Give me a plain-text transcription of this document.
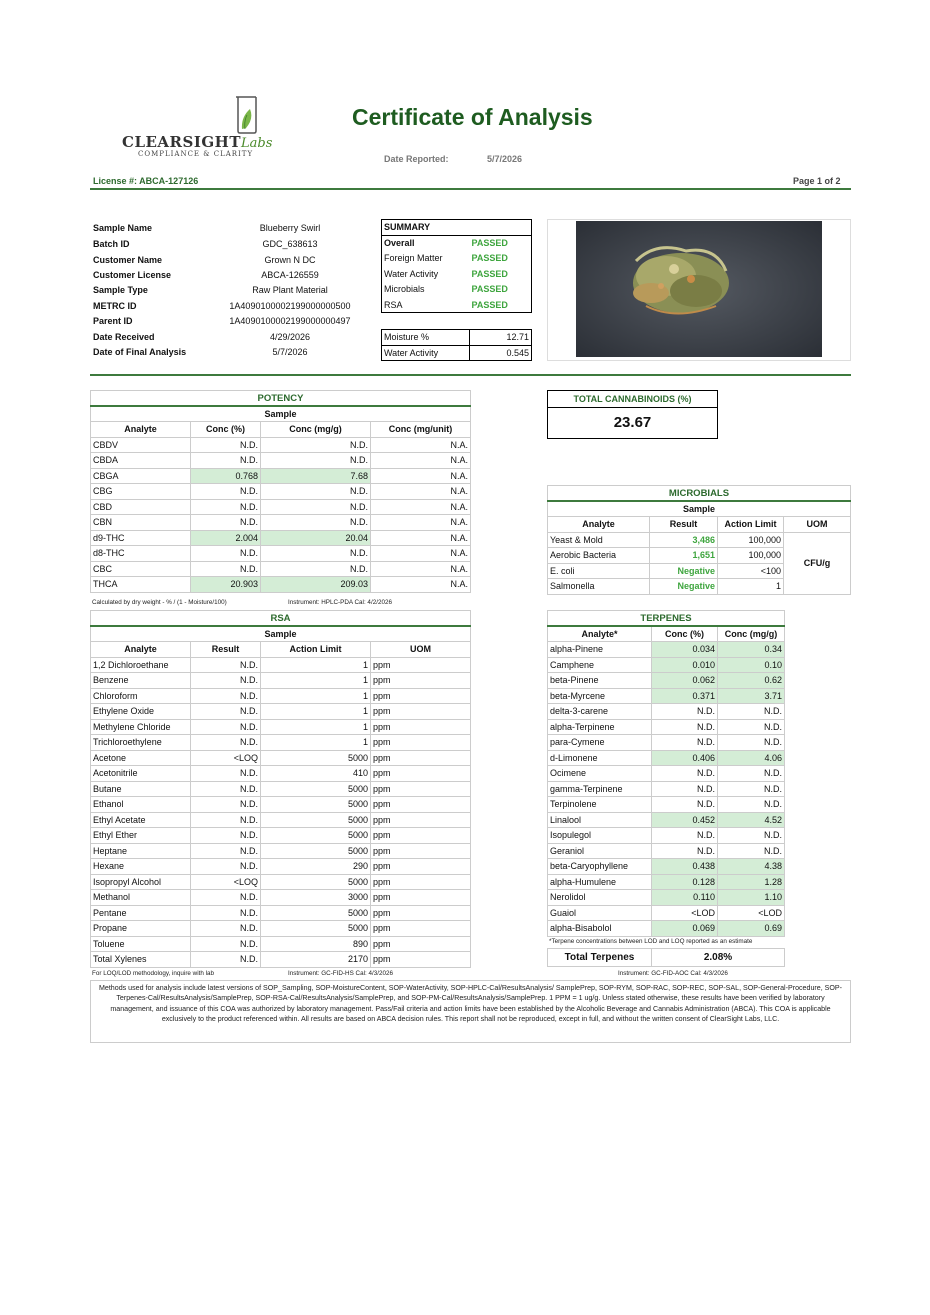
CLEARSIGHTLabs
COMPLIANCE & CLARITY
Certificate of Analysis
Date Reported:	5/7/2026
License #: ABCA-127126	Page 1 of 2
Sample Name	Blueberry Swirl
Batch ID	GDC_638613
Customer Name	Grown N DC
Customer License	ABCA-126559
Sample Type	Raw Plant Material
METRC ID	1A4090100002199000000500
Parent ID	1A4090100002199000000497
Date Received	4/29/2026
Date of Final Analysis	5/7/2026
SUMMARY	
Overall	PASSED
Foreign Matter	PASSED
Water Activity	PASSED
Microbials	PASSED
RSA	PASSED
Moisture %	12.71
Water Activity	0.545
POTENCY			
Sample			
Analyte	Conc (%)	Conc (mg/g)	Conc (mg/unit)
CBDV	N.D.	N.D.	N.A.
CBDA	N.D.	N.D.	N.A.
CBGA	0.768	7.68	N.A.
CBG	N.D.	N.D.	N.A.
CBD	N.D.	N.D.	N.A.
CBN	N.D.	N.D.	N.A.
d9-THC	2.004	20.04	N.A.
d8-THC	N.D.	N.D.	N.A.
CBC	N.D.	N.D.	N.A.
THCA	20.903	209.03	N.A.
Calculated by dry weight - % / (1 - Moisture/100)	Instrument: HPLC-PDA Cal: 4/2/2026
TOTAL CANNABINOIDS (%)
23.67
MICROBIALS			
Sample			
Analyte	Result	Action Limit	UOM
Yeast & Mold	3,486	100,000	CFU/g
Aerobic Bacteria	1,651	100,000	
E. coli	Negative	<100	
Salmonella	Negative	1	
RSA			
Sample			
Analyte	Result	Action Limit	UOM
1,2 Dichloroethane	N.D.	1	ppm
Benzene	N.D.	1	ppm
Chloroform	N.D.	1	ppm
Ethylene Oxide	N.D.	1	ppm
Methylene Chloride	N.D.	1	ppm
Trichloroethylene	N.D.	1	ppm
Acetone	<LOQ	5000	ppm
Acetonitrile	N.D.	410	ppm
Butane	N.D.	5000	ppm
Ethanol	N.D.	5000	ppm
Ethyl Acetate	N.D.	5000	ppm
Ethyl Ether	N.D.	5000	ppm
Heptane	N.D.	5000	ppm
Hexane	N.D.	290	ppm
Isopropyl Alcohol	<LOQ	5000	ppm
Methanol	N.D.	3000	ppm
Pentane	N.D.	5000	ppm
Propane	N.D.	5000	ppm
Toluene	N.D.	890	ppm
Total Xylenes	N.D.	2170	ppm
For LOQ/LOD methodology, inquire with lab	Instrument: GC-FID-HS Cal: 4/3/2026
TERPENES		
Analyte*	Conc (%)	Conc (mg/g)
alpha-Pinene	0.034	0.34
Camphene	0.010	0.10
beta-Pinene	0.062	0.62
beta-Myrcene	0.371	3.71
delta-3-carene	N.D.	N.D.
alpha-Terpinene	N.D.	N.D.
para-Cymene	N.D.	N.D.
d-Limonene	0.406	4.06
Ocimene	N.D.	N.D.
gamma-Terpinene	N.D.	N.D.
Terpinolene	N.D.	N.D.
Linalool	0.452	4.52
Isopulegol	N.D.	N.D.
Geraniol	N.D.	N.D.
beta-Caryophyllene	0.438	4.38
alpha-Humulene	0.128	1.28
Nerolidol	0.110	1.10
Guaiol	<LOD	<LOD
alpha-Bisabolol	0.069	0.69
*Terpene concentrations between LOD and LOQ reported as an estimate
Total Terpenes	2.08%
Instrument: GC-FID-AOC Cal: 4/3/2026
Methods used for analysis include latest versions of SOP_Sampling, SOP-MoistureContent, SOP-WaterActivity, SOP-HPLC-Cal/ResultsAnalysis/ SamplePrep, SOP-RYM, SOP-RAC, SOP-REC, SOP-SAL, SOP-General-Procedure, SOP-Terpenes-Cal/ResultsAnalysis/SamplePrep, SOP-RSA-Cal/ResultsAnalysis/SamplePrep, and SOP-PM-Cal/ResultsAnalysis/SamplePrep. 1 PPM = 1 ug/g. Unless stated otherwise, these results have been verified by laboratory management, and issuance of this COA was authorized by laboratory management. Pass/Fail criteria and action limits have been established by the Alcoholic Beverage and Cannabis Administration (ABCA). This COA is applicable exclusively to the product referenced within. All results are based on ABCA decision rules. This report shall not be reproduced, except in full, and without the written consent of ClearSight Labs, LLC.
